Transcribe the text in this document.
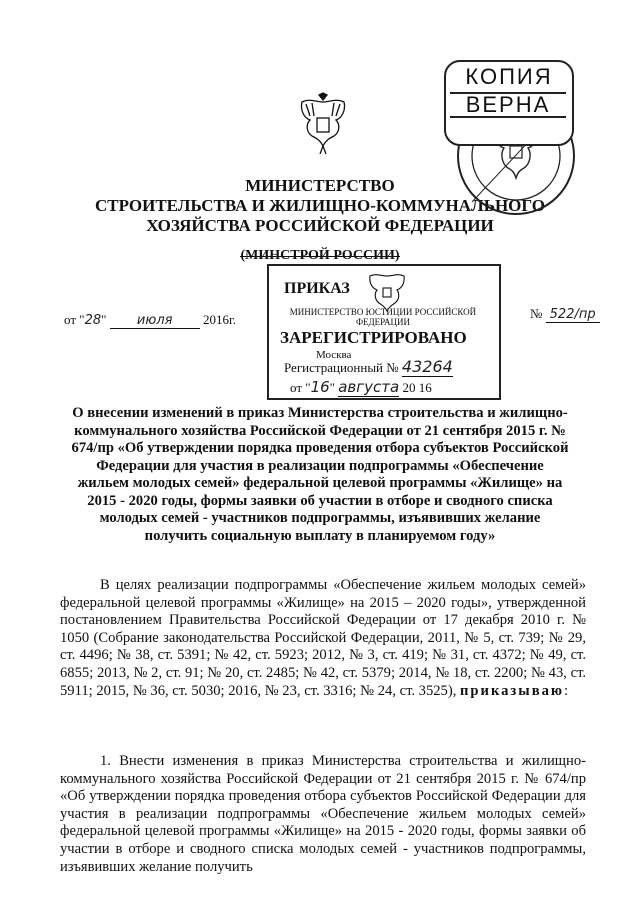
МИНИСТЕРСТВО
СТРОИТЕЛЬСТВА И ЖИЛИЩНО-КОММУНАЛЬНОГО
ХОЗЯЙСТВА РОССИЙСКОЙ ФЕДЕРАЦИИ
(МИНСТРОЙ РОССИИ)
КОПИЯ
ВЕРНА
от "28" июля 2016г.	№ 522/пр
ПРИКАЗ
МИНИСТЕРСТВО ЮСТИЦИИ РОССИЙСКОЙ ФЕДЕРАЦИИ
ЗАРЕГИСТРИРОВАНО
Москва
Регистрационный № 43264
от "16" августа 20 16
О внесении изменений в приказ Министерства строительства и жилищно-коммунального хозяйства Российской Федерации от 21 сентября 2015 г. № 674/пр «Об утверждении порядка проведения отбора субъектов Российской Федерации для участия в реализации подпрограммы «Обеспечение жильем молодых семей» федеральной целевой программы «Жилище» на 2015 - 2020 годы, формы заявки об участии в отборе и сводного списка молодых семей - участников подпрограммы, изъявивших желание получить социальную выплату в планируемом году»
В целях реализации подпрограммы «Обеспечение жильем молодых семей» федеральной целевой программы «Жилище» на 2015 – 2020 годы», утвержденной постановлением Правительства Российской Федерации от 17 декабря 2010 г. № 1050 (Собрание законодательства Российской Федерации, 2011, № 5, ст. 739; № 29, ст. 4496; № 38, ст. 5391; № 42, ст. 5923; 2012, № 3, ст. 419; № 31, ст. 4372; № 49, ст. 6855; 2013, № 2, ст. 91; № 20, ст. 2485; № 42, ст. 5379; 2014, № 18, ст. 2200; № 43, ст. 5911; 2015, № 36, ст. 5030; 2016, № 23, ст. 3316; № 24, ст. 3525), приказываю:
1. Внести изменения в приказ Министерства строительства и жилищно-коммунального хозяйства Российской Федерации от 21 сентября 2015 г. № 674/пр «Об утверждении порядка проведения отбора субъектов Российской Федерации для участия в реализации подпрограммы «Обеспечение жильем молодых семей» федеральной целевой программы «Жилище» на 2015 - 2020 годы, формы заявки об участии в отборе и сводного списка молодых семей - участников подпрограммы, изъявивших желание получить
